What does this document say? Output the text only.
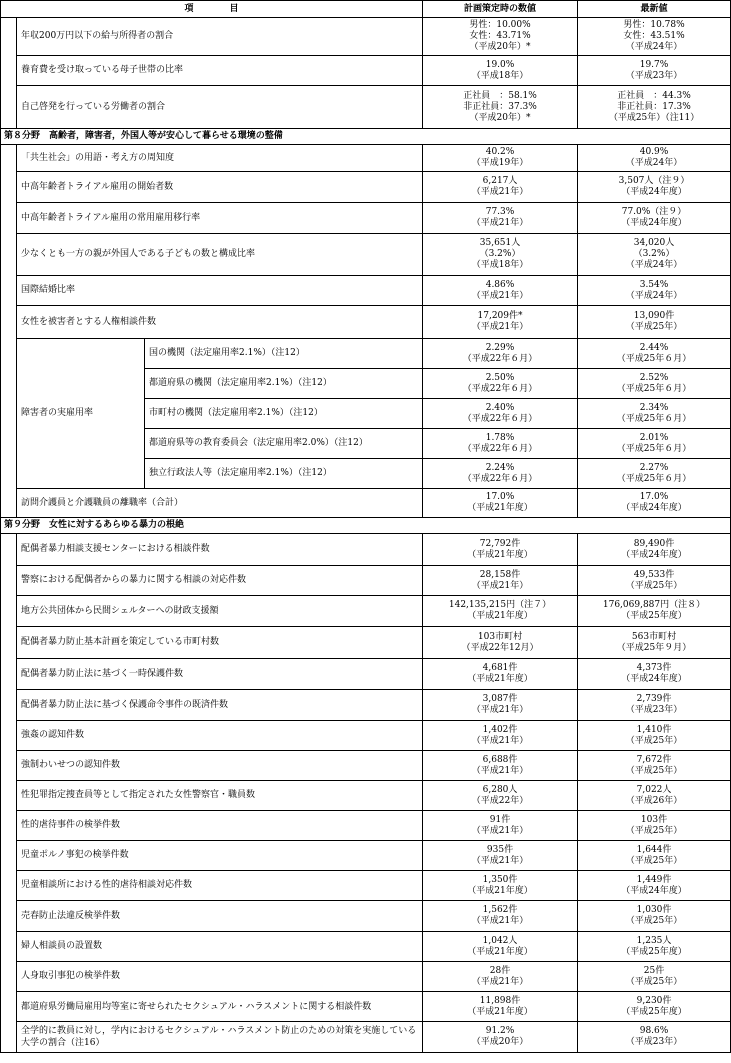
項　　　　目			計画策定時の数値	最新値
	年収200万円以下の給与所得者の割合		男性：10.00%
女性：43.71%
（平成20年）*	男性：10.78%
女性：43.51%
（平成24年）

	養育費を受け取っている母子世帯の比率		19.0%
（平成18年）	19.7%
（平成23年）

	自己啓発を行っている労働者の割合		正社員　：58.1%
非正社員：37.3%
（平成20年）*	正社員　：44.3%
非正社員：17.3%
（平成25年）（注11）

第８分野　高齢者，障害者，外国人等が安心して暮らせる環境の整備				
	「共生社会」の用語・考え方の周知度		40.2%
（平成19年）	40.9%
（平成24年）

	中高年齢者トライアル雇用の開始者数		6,217人
（平成21年）	3,507人（注９）
（平成24年度）

	中高年齢者トライアル雇用の常用雇用移行率		77.3%
（平成21年）	77.0%（注９）
（平成24年度）

	少なくとも一方の親が外国人である子どもの数と構成比率		35,651人
（3.2%）
（平成18年）	34,020人
（3.2%）
（平成24年）

	国際結婚比率		4.86%
（平成21年）	3.54%
（平成24年）

	女性を被害者とする人権相談件数		17,209件*
（平成21年）	13,090件
（平成25年）

	障害者の実雇用率	国の機関（法定雇用率2.1%）（注12）	2.29%
（平成22年６月）	2.44%
（平成25年６月）

		都道府県の機関（法定雇用率2.1%）（注12）	2.50%
（平成22年６月）	2.52%
（平成25年６月）

		市町村の機関（法定雇用率2.1%）（注12）	2.40%
（平成22年６月）	2.34%
（平成25年６月）

		都道府県等の教育委員会（法定雇用率2.0%）（注12）	1.78%
（平成22年６月）	2.01%
（平成25年６月）

		独立行政法人等（法定雇用率2.1%）（注12）	2.24%
（平成22年６月）	2.27%
（平成25年６月）

	訪問介護員と介護職員の離職率（合計）		17.0%
（平成21年度）	17.0%
（平成24年度）

第９分野　女性に対するあらゆる暴力の根絶				
	配偶者暴力相談支援センターにおける相談件数		72,792件
（平成21年度）	89,490件
（平成24年度）

	警察における配偶者からの暴力に関する相談の対応件数		28,158件
（平成21年）	49,533件
（平成25年）

	地方公共団体から民間シェルターへの財政支援額		142,135,215円（注７）
（平成21年度）	176,069,887円（注８）
（平成25年度）

	配偶者暴力防止基本計画を策定している市町村数		103市町村
（平成22年12月）	563市町村
（平成25年９月）

	配偶者暴力防止法に基づく一時保護件数		4,681件
（平成21年度）	4,373件
（平成24年度）

	配偶者暴力防止法に基づく保護命令事件の既済件数		3,087件
（平成21年）	2,739件
（平成23年）

	強姦の認知件数		1,402件
（平成21年）	1,410件
（平成25年）

	強制わいせつの認知件数		6,688件
（平成21年）	7,672件
（平成25年）

	性犯罪指定捜査員等として指定された女性警察官・職員数		6,280人
（平成22年）	7,022人
（平成26年）

	性的虐待事件の検挙件数		91件
（平成21年）	103件
（平成25年）

	児童ポルノ事犯の検挙件数		935件
（平成21年）	1,644件
（平成25年）

	児童相談所における性的虐待相談対応件数		1,350件
（平成21年度）	1,449件
（平成24年度）

	売春防止法違反検挙件数		1,562件
（平成21年）	1,030件
（平成25年）

	婦人相談員の設置数		1,042人
（平成21年度）	1,235人
（平成25年度）

	人身取引事犯の検挙件数		28件
（平成21年）	25件
（平成25年）

	都道府県労働局雇用均等室に寄せられたセクシュアル・ハラスメントに関する相談件数		11,898件
（平成21年度）	9,230件
（平成25年度）

	全学的に教員に対し，学内におけるセクシュアル・ハラスメント防止のための対策を実施している大学の割合（注16）		91.2%
（平成20年）	98.6%
（平成23年）
